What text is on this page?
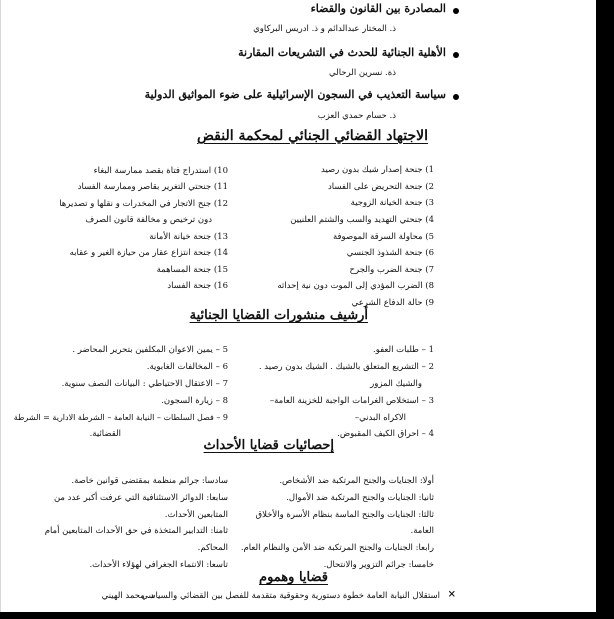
المصادرة بين القانون والقضاء
ذ. المختار عبدالدائم و ذ. ادريس البركاوي
الأهلية الجنائية للحدث في التشريعات المقارنة
ذة. نسرين الرحالي
سياسة التعذيب في السجون الإسرائيلية على ضوء المواثيق الدولية
ذ. حسام حمدي العزب
الاجتهاد القضائي الجنائي لمحكمة النقض
1) جنحة إصدار شيك بدون رصيد
2) جنحة التحريض على الفساد
3) جنحة الخيانة الزوجية
4) جنحتي التهديد والسب والشتم العلنيين
5) محاولة السرقة الموصوفة
6) جنحة الشذوذ الجنسي
7) جنحة الضرب والجرح
8) الضرب المؤدي إلى الموت دون نية إحداثه
9) حالة الدفاع الشرعي
10) استدراج فتاة بقصد ممارسة البغاء
11) جنحتي التغرير بقاصر وممارسة الفساد
12) جنح الاتجار في المخدرات و نقلها و تصديرها
دون ترخيص و مخالفة قانون الصرف
13) جنحة خيانة الأمانة
14) جنحة انتزاع عقار من حيازة الغير و عقابه
15) جنحة المساهمة
16) جنحة الفساد
أرشيف منشورات القضايا الجنائية
1 – طلبات العفو.
2 – التشريع المتعلق بالشيك . الشيك بدون رصيد .
والشيك المزور
3 – استخلاص الغرامات الواجبة للخزينة العامة–
الاكراه البدني–
4 – احراق الكيف المقبوض.
5 – يمين الاعوان المكلفين بتحرير المحاضر .
6 – المخالفات الغابوية.
7 – الاعتقال الاحتياطي : البيانات النصف سنوية.
8 – زيارة السجون.
9 – فصل السلطات – النيابة العامة – الشرطة الادارية = الشرطة
القضائية.
إحصائيات قضايا الأحداث
أولا: الجنايات والجنح المرتكبة ضد الأشخاص.
ثانيا: الجنايات والجنح المرتكبة ضد الأموال.
ثالثا: الجنايات والجنح الماسة بنظام الأسرة والأخلاق
العامة.
رابعا: الجنايات والجنح المرتكبة ضد الأمن والنظام العام.
خامسا: جرائم التزوير والانتحال.
سادسا: جرائم منظمة بمقتضى قوانين خاصة.
سابعا: الدوائر الاستئنافية التي عرفت أكبر عدد من
المتابعين الأحداث.
ثامنا: التدابير المتخذة في حق الأحداث المتابعين أمام
المحاكم.
تاسعا: الانتماء الجغرافي لهؤلاء الأحداث.
قضايا وهموم
×
استقلال النيابة العامة خطوة دستورية وحقوقية متقدمة للفصل بين القضائي والسياسي
د. محمد الهيني
